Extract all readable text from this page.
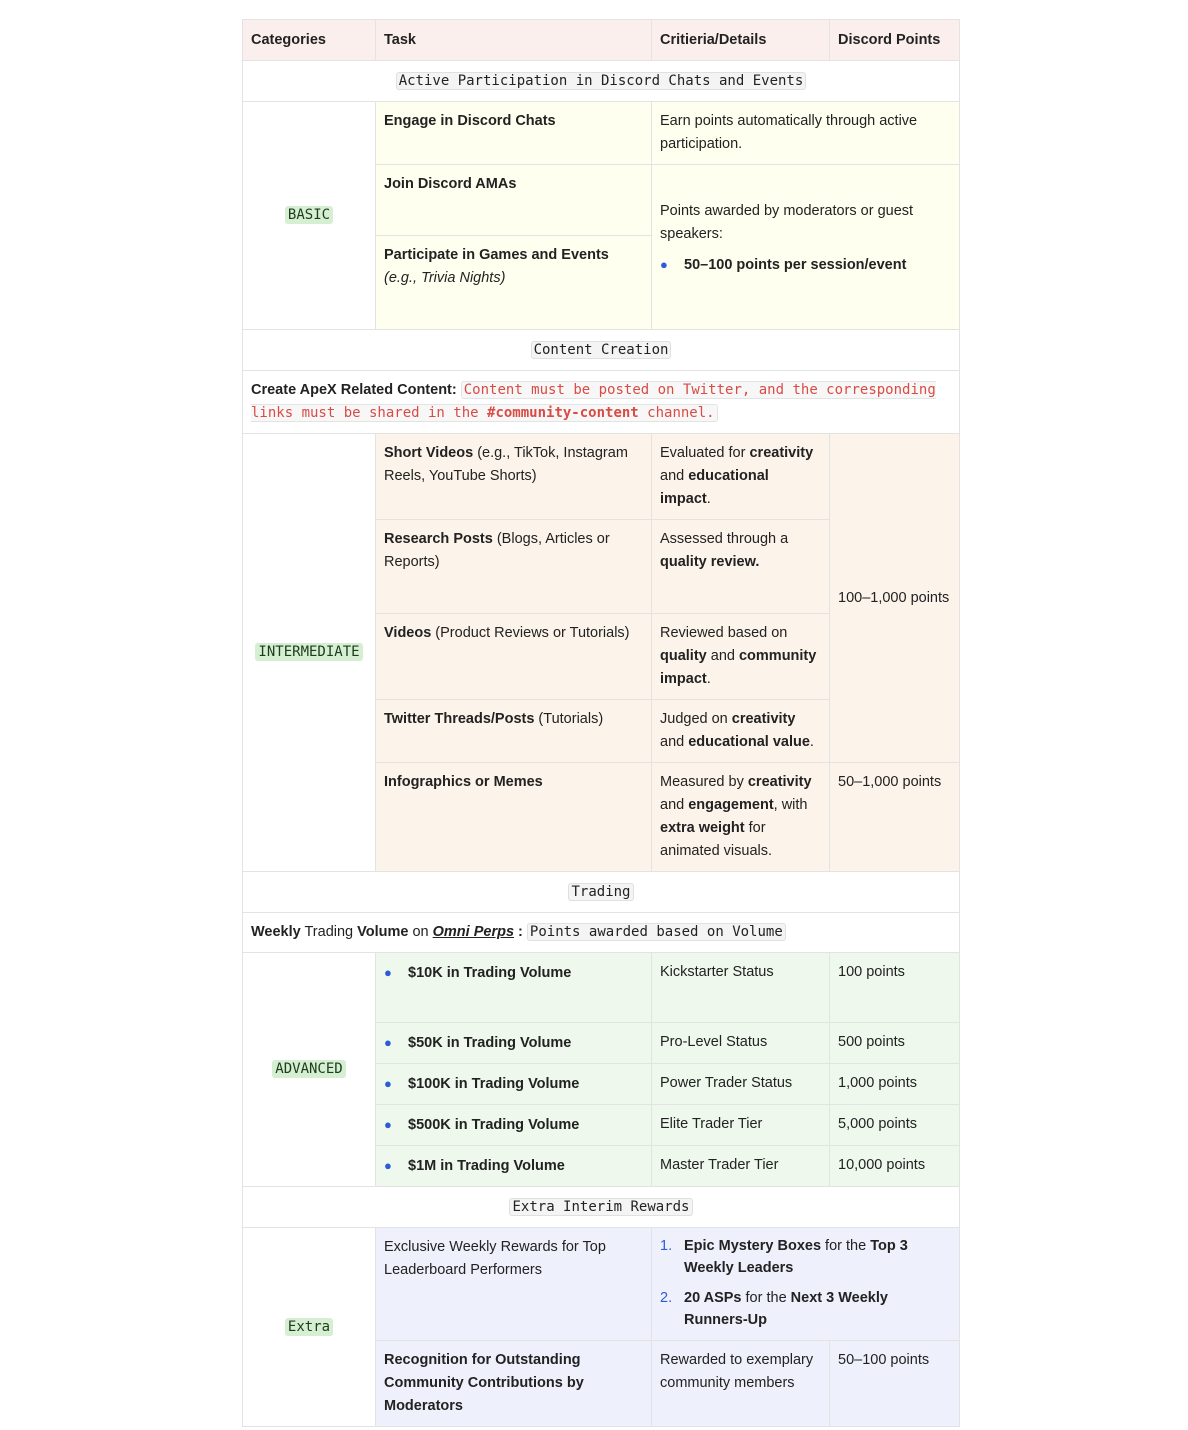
Categories	Task	Critieria/Details	Discord Points
Active Participation in Discord Chats and Events			
BASIC	Engage in Discord Chats	Earn points automatically through active participation.	
	Join Discord AMAs	Points awarded by moderators or guest speakers:
● 50–100 points per session/event	

	Participate in Games and Events
(e.g., Trivia Nights)		
Content Creation			
Create ApeX Related Content: Content must be posted on Twitter, and the corresponding links must be shared in the #community-content channel.			
INTERMEDIATE	Short Videos (e.g., TikTok, Instagram Reels, YouTube Shorts)	Evaluated for creativity and educational impact.	100–1,000 points
	Research Posts (Blogs, Articles or Reports)	Assessed through a quality review.	
	Videos (Product Reviews or Tutorials)	Reviewed based on quality and community impact.	
	Twitter Threads/Posts (Tutorials)	Judged on creativity and educational value.	
	Infographics or Memes	Measured by creativity and engagement, with extra weight for animated visuals.	50–1,000 points
Trading			
Weekly Trading Volume on Omni Perps : Points awarded based on Volume			
ADVANCED	● $10K in Trading Volume	Kickstarter Status	100 points
	● $50K in Trading Volume	Pro-Level Status	500 points
	● $100K in Trading Volume	Power Trader Status	1,000 points
	● $500K in Trading Volume	Elite Trader Tier	5,000 points
	● $1M in Trading Volume	Master Trader Tier	10,000 points
Extra Interim Rewards			
Extra	Exclusive Weekly Rewards for Top Leaderboard Performers	1. Epic Mystery Boxes for the Top 3 Weekly Leaders
2. 20 ASPs for the Next 3 Weekly Runners-Up	

	Recognition for Outstanding Community Contributions by Moderators	Rewarded to exemplary community members	50–100 points
